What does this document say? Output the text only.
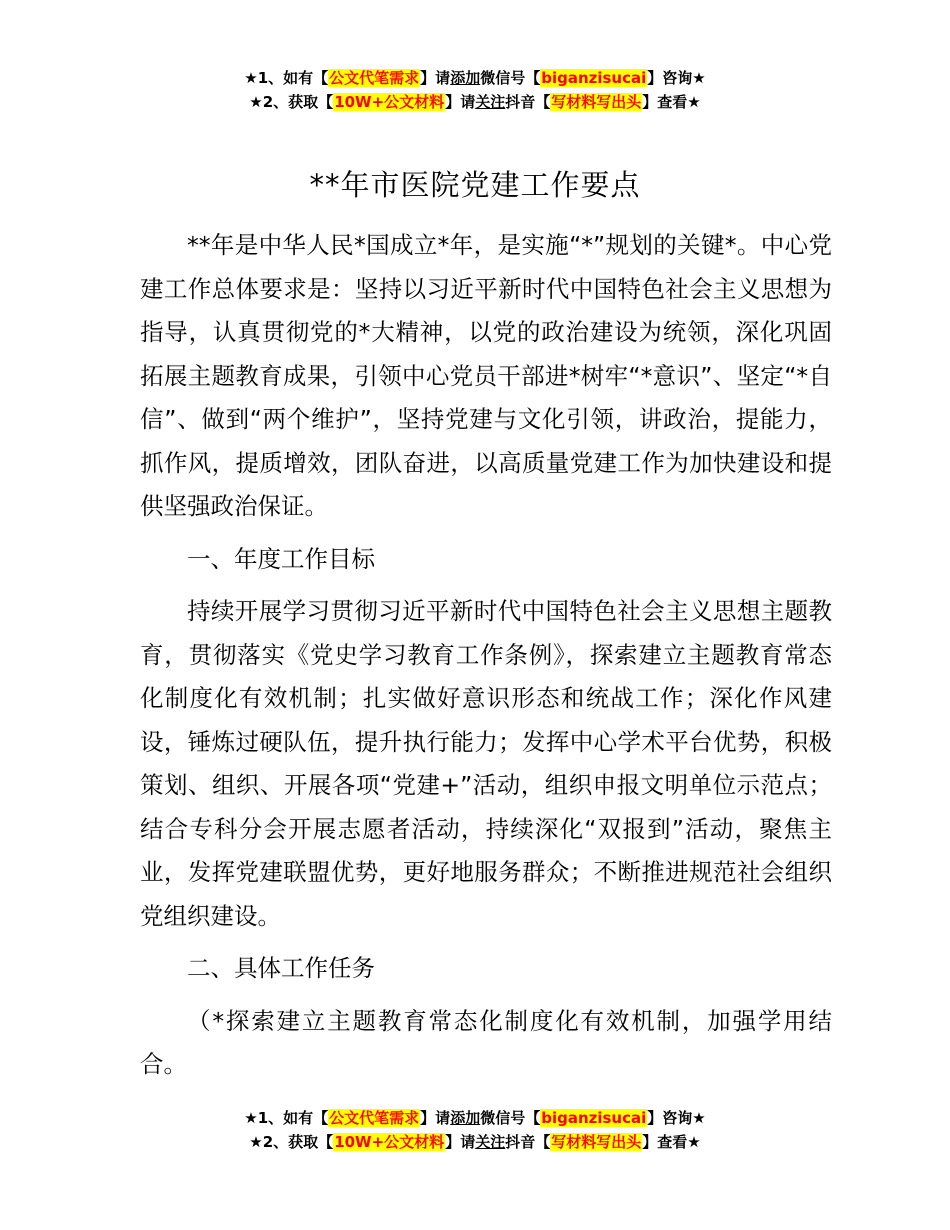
★1、如有【公文代笔需求】请添加微信号【biganzisucai】咨询★
★2、获取【10W+公文材料】请关注抖音【写材料写出头】查看★
**年市医院党建工作要点

**年是中华人民*国成立*年，是实施“*”规划的关键*。中心党建工作总体要求是：坚持以习近平新时代中国特色社会主义思想为指导，认真贯彻党的*大精神，以党的政治建设为统领，深化巩固拓展主题教育成果，引领中心党员干部进*树牢“*意识”、坚定“*自信”、做到“两个维护”，坚持党建与文化引领，讲政治，提能力，抓作风，提质增效，团队奋进，以高质量党建工作为加快建设和提供坚强政治保证。

一、年度工作目标

持续开展学习贯彻习近平新时代中国特色社会主义思想主题教育，贯彻落实《党史学习教育工作条例》，探索建立主题教育常态化制度化有效机制；扎实做好意识形态和统战工作；深化作风建设，锤炼过硬队伍，提升执行能力；发挥中心学术平台优势，积极策划、组织、开展各项“党建+”活动，组织申报文明单位示范点；结合专科分会开展志愿者活动，持续深化“双报到”活动，聚焦主业，发挥党建联盟优势，更好地服务群众；不断推进规范社会组织党组织建设。

二、具体工作任务

（*探索建立主题教育常态化制度化有效机制，加强学用结合。

★1、如有【公文代笔需求】请添加微信号【biganzisucai】咨询★
★2、获取【10W+公文材料】请关注抖音【写材料写出头】查看★
